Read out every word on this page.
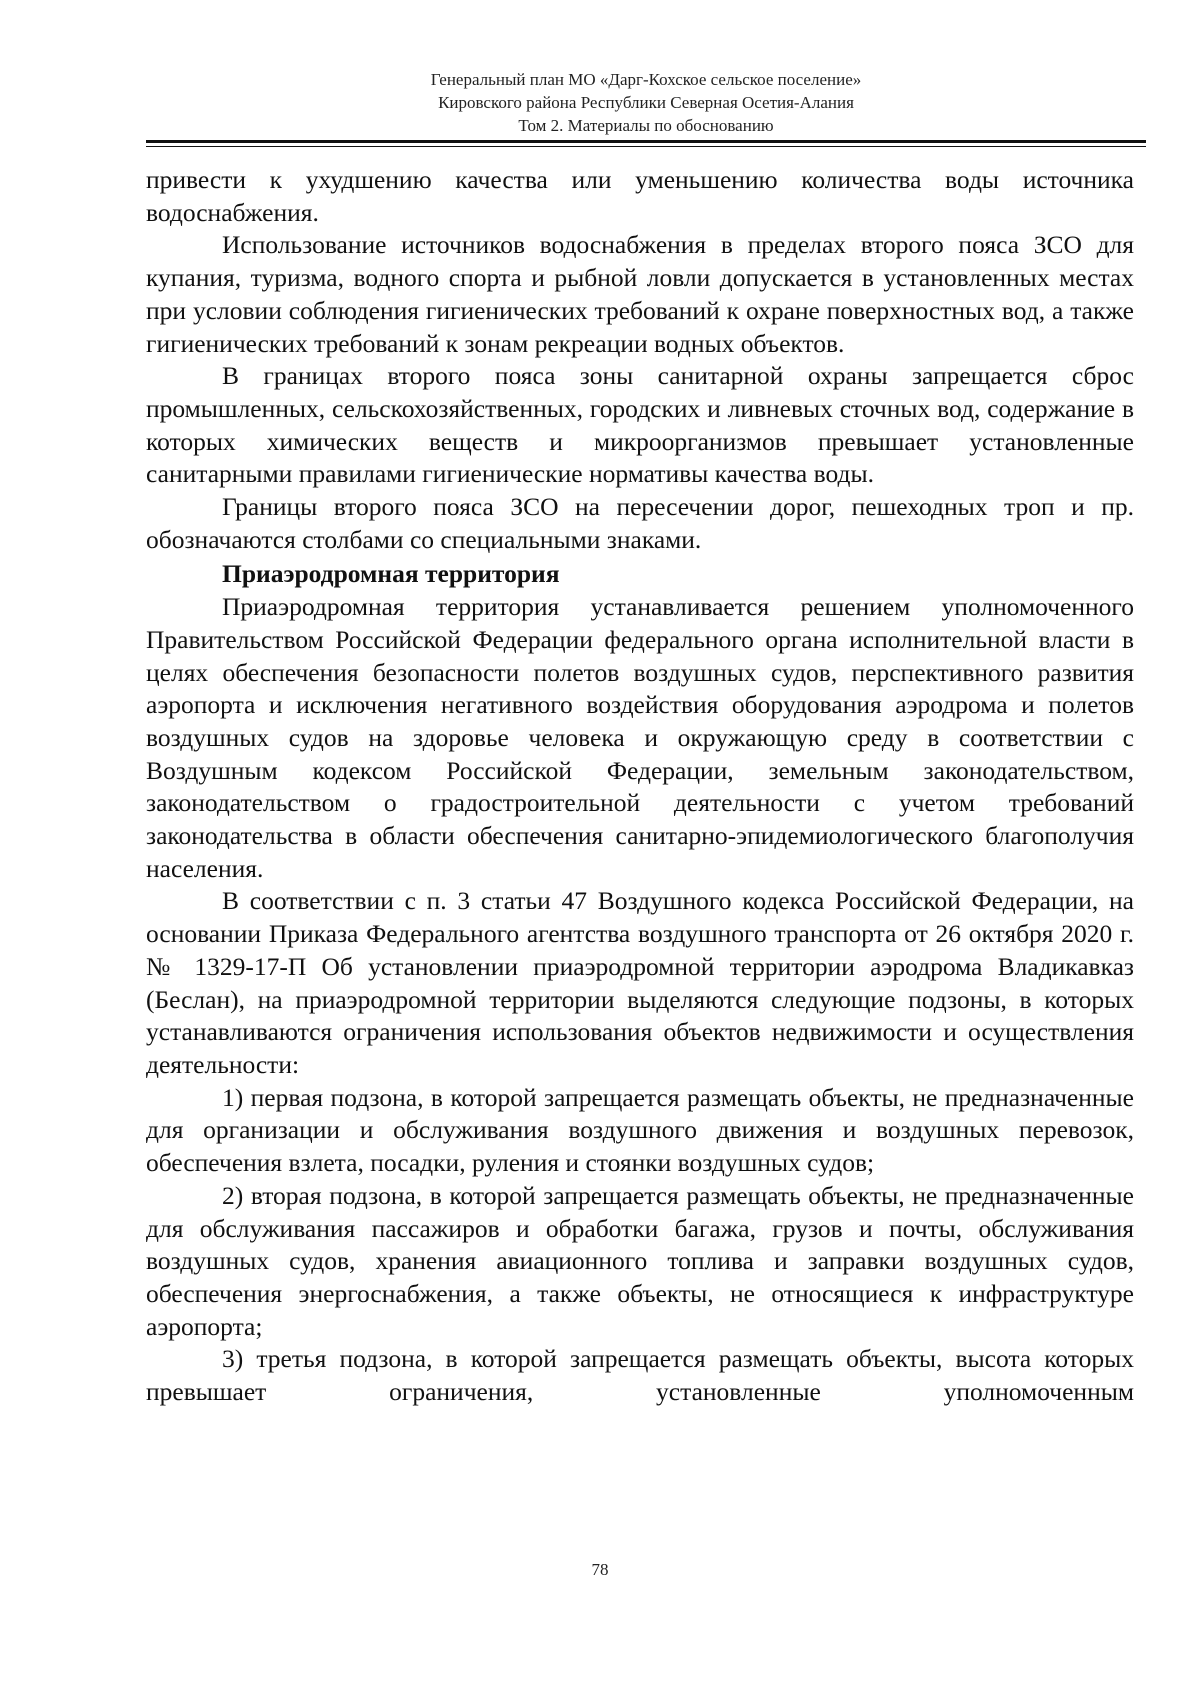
Генеральный план МО «Дарг-Кохское сельское поселение»
Кировского района Республики Северная Осетия-Алания
Том 2. Материалы по обоснованию

привести к ухудшению качества или уменьшению количества воды источника водоснабжения.

Использование источников водоснабжения в пределах второго пояса ЗСО для купания, туризма, водного спорта и рыбной ловли допускается в установленных местах при условии соблюдения гигиенических требований к охране поверхностных вод, а также гигиенических требований к зонам рекреации водных объектов.

В границах второго пояса зоны санитарной охраны запрещается сброс промышленных, сельскохозяйственных, городских и ливневых сточных вод, содержание в которых химических веществ и микроорганизмов превышает установленные санитарными правилами гигиенические нормативы качества воды.

Границы второго пояса ЗСО на пересечении дорог, пешеходных троп и пр. обозначаются столбами со специальными знаками.

Приаэродромная территория

Приаэродромная территория устанавливается решением уполномоченного Правительством Российской Федерации федерального органа исполнительной власти в целях обеспечения безопасности полетов воздушных судов, перспективного развития аэропорта и исключения негативного воздействия оборудования аэродрома и полетов воздушных судов на здоровье человека и окружающую среду в соответствии с Воздушным кодексом Российской Федерации, земельным законодательством, законодательством о градостроительной деятельности с учетом требований законодательства в области обеспечения санитарно-эпидемиологического благополучия населения.

В соответствии с п. 3 статьи 47 Воздушного кодекса Российской Федерации, на основании Приказа Федерального агентства воздушного транспорта от 26 октября 2020 г. № 1329-17-П Об установлении приаэродромной территории аэродрома Владикавказ (Беслан), на приаэродромной территории выделяются следующие подзоны, в которых устанавливаются ограничения использования объектов недвижимости и осуществления деятельности:

1) первая подзона, в которой запрещается размещать объекты, не предназначенные для организации и обслуживания воздушного движения и воздушных перевозок, обеспечения взлета, посадки, руления и стоянки воздушных судов;

2) вторая подзона, в которой запрещается размещать объекты, не предназначенные для обслуживания пассажиров и обработки багажа, грузов и почты, обслуживания воздушных судов, хранения авиационного топлива и заправки воздушных судов, обеспечения энергоснабжения, а также объекты, не относящиеся к инфраструктуре аэропорта;

3) третья подзона, в которой запрещается размещать объекты, высота которых превышает ограничения, установленные уполномоченным

78
